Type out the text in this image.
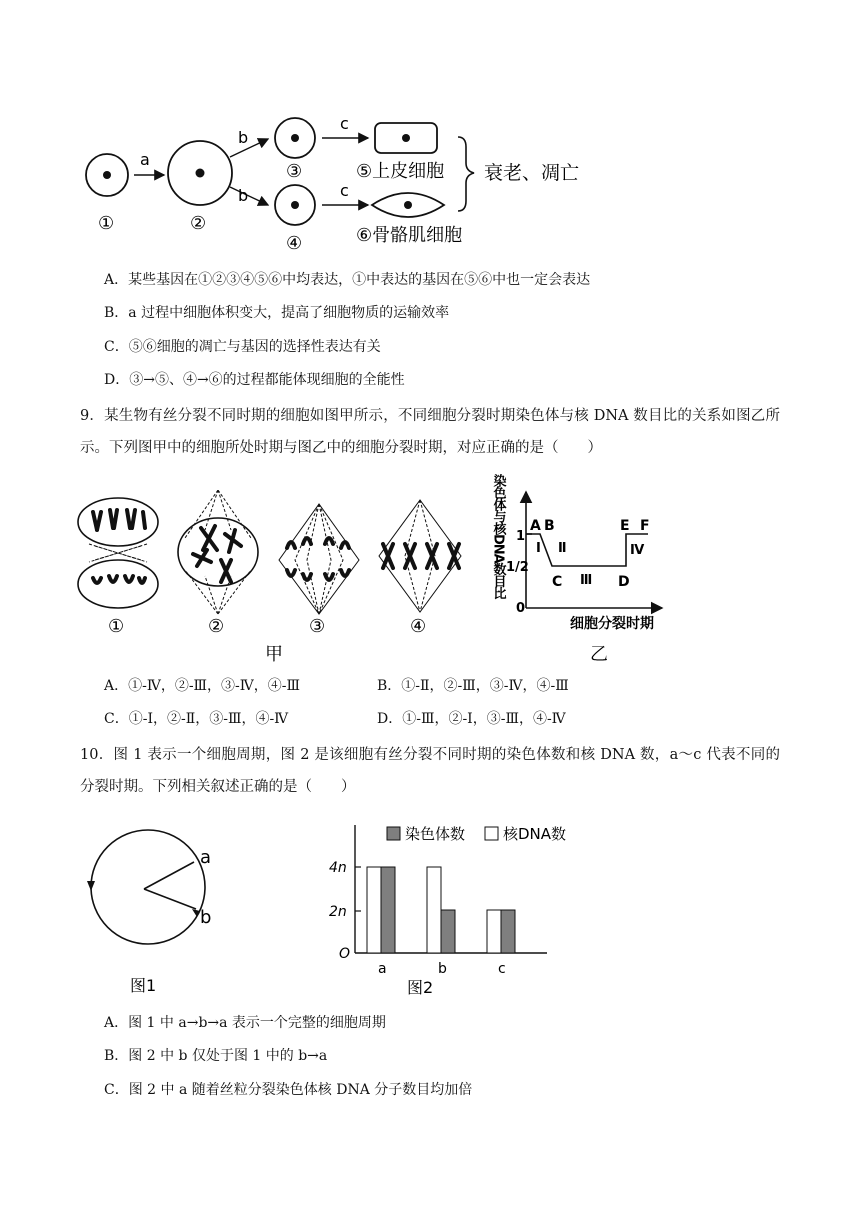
①
a
②
b
b
③
④
c
c
⑤上皮细胞
⑥骨骼肌细胞
衰老、凋亡
A．某些基因在①②③④⑤⑥中均表达，①中表达的基因在⑤⑥中也一定会表达
B．a 过程中细胞体积变大，提高了细胞物质的运输效率
C．⑤⑥细胞的凋亡与基因的选择性表达有关
D．③→⑤、④→⑥的过程都能体现细胞的全能性
9．某生物有丝分裂不同时期的细胞如图甲所示，不同细胞分裂时期染色体与核 DNA 数目比的关系如图乙所示。下列图甲中的细胞所处时期与图乙中的细胞分裂时期，对应正确的是（　　）
①	②	③	④
甲
染色体与核DNA数目比 1
1/2
0
A B
C	D
E F
Ⅰ Ⅱ
Ⅲ
Ⅳ
细胞分裂时期
乙
A．①-Ⅳ，②-Ⅲ，③-Ⅳ，④-Ⅲ	B．①-Ⅱ，②-Ⅲ，③-Ⅳ，④-Ⅲ
C．①-Ⅰ，②-Ⅱ，③-Ⅲ，④-Ⅳ	D．①-Ⅲ，②-Ⅰ，③-Ⅲ，④-Ⅳ
10．图 1 表示一个细胞周期，图 2 是该细胞有丝分裂不同时期的染色体数和核 DNA 数，a～c 代表不同的分裂时期。下列相关叙述正确的是（　　）
a
b
图1
染色体数	核DNA数
4n
2n
O
a	b	c
图2
A．图 1 中 a→b→a 表示一个完整的细胞周期
B．图 2 中 b 仅处于图 1 中的 b→a
C．图 2 中 a 随着丝粒分裂染色体核 DNA 分子数目均加倍
